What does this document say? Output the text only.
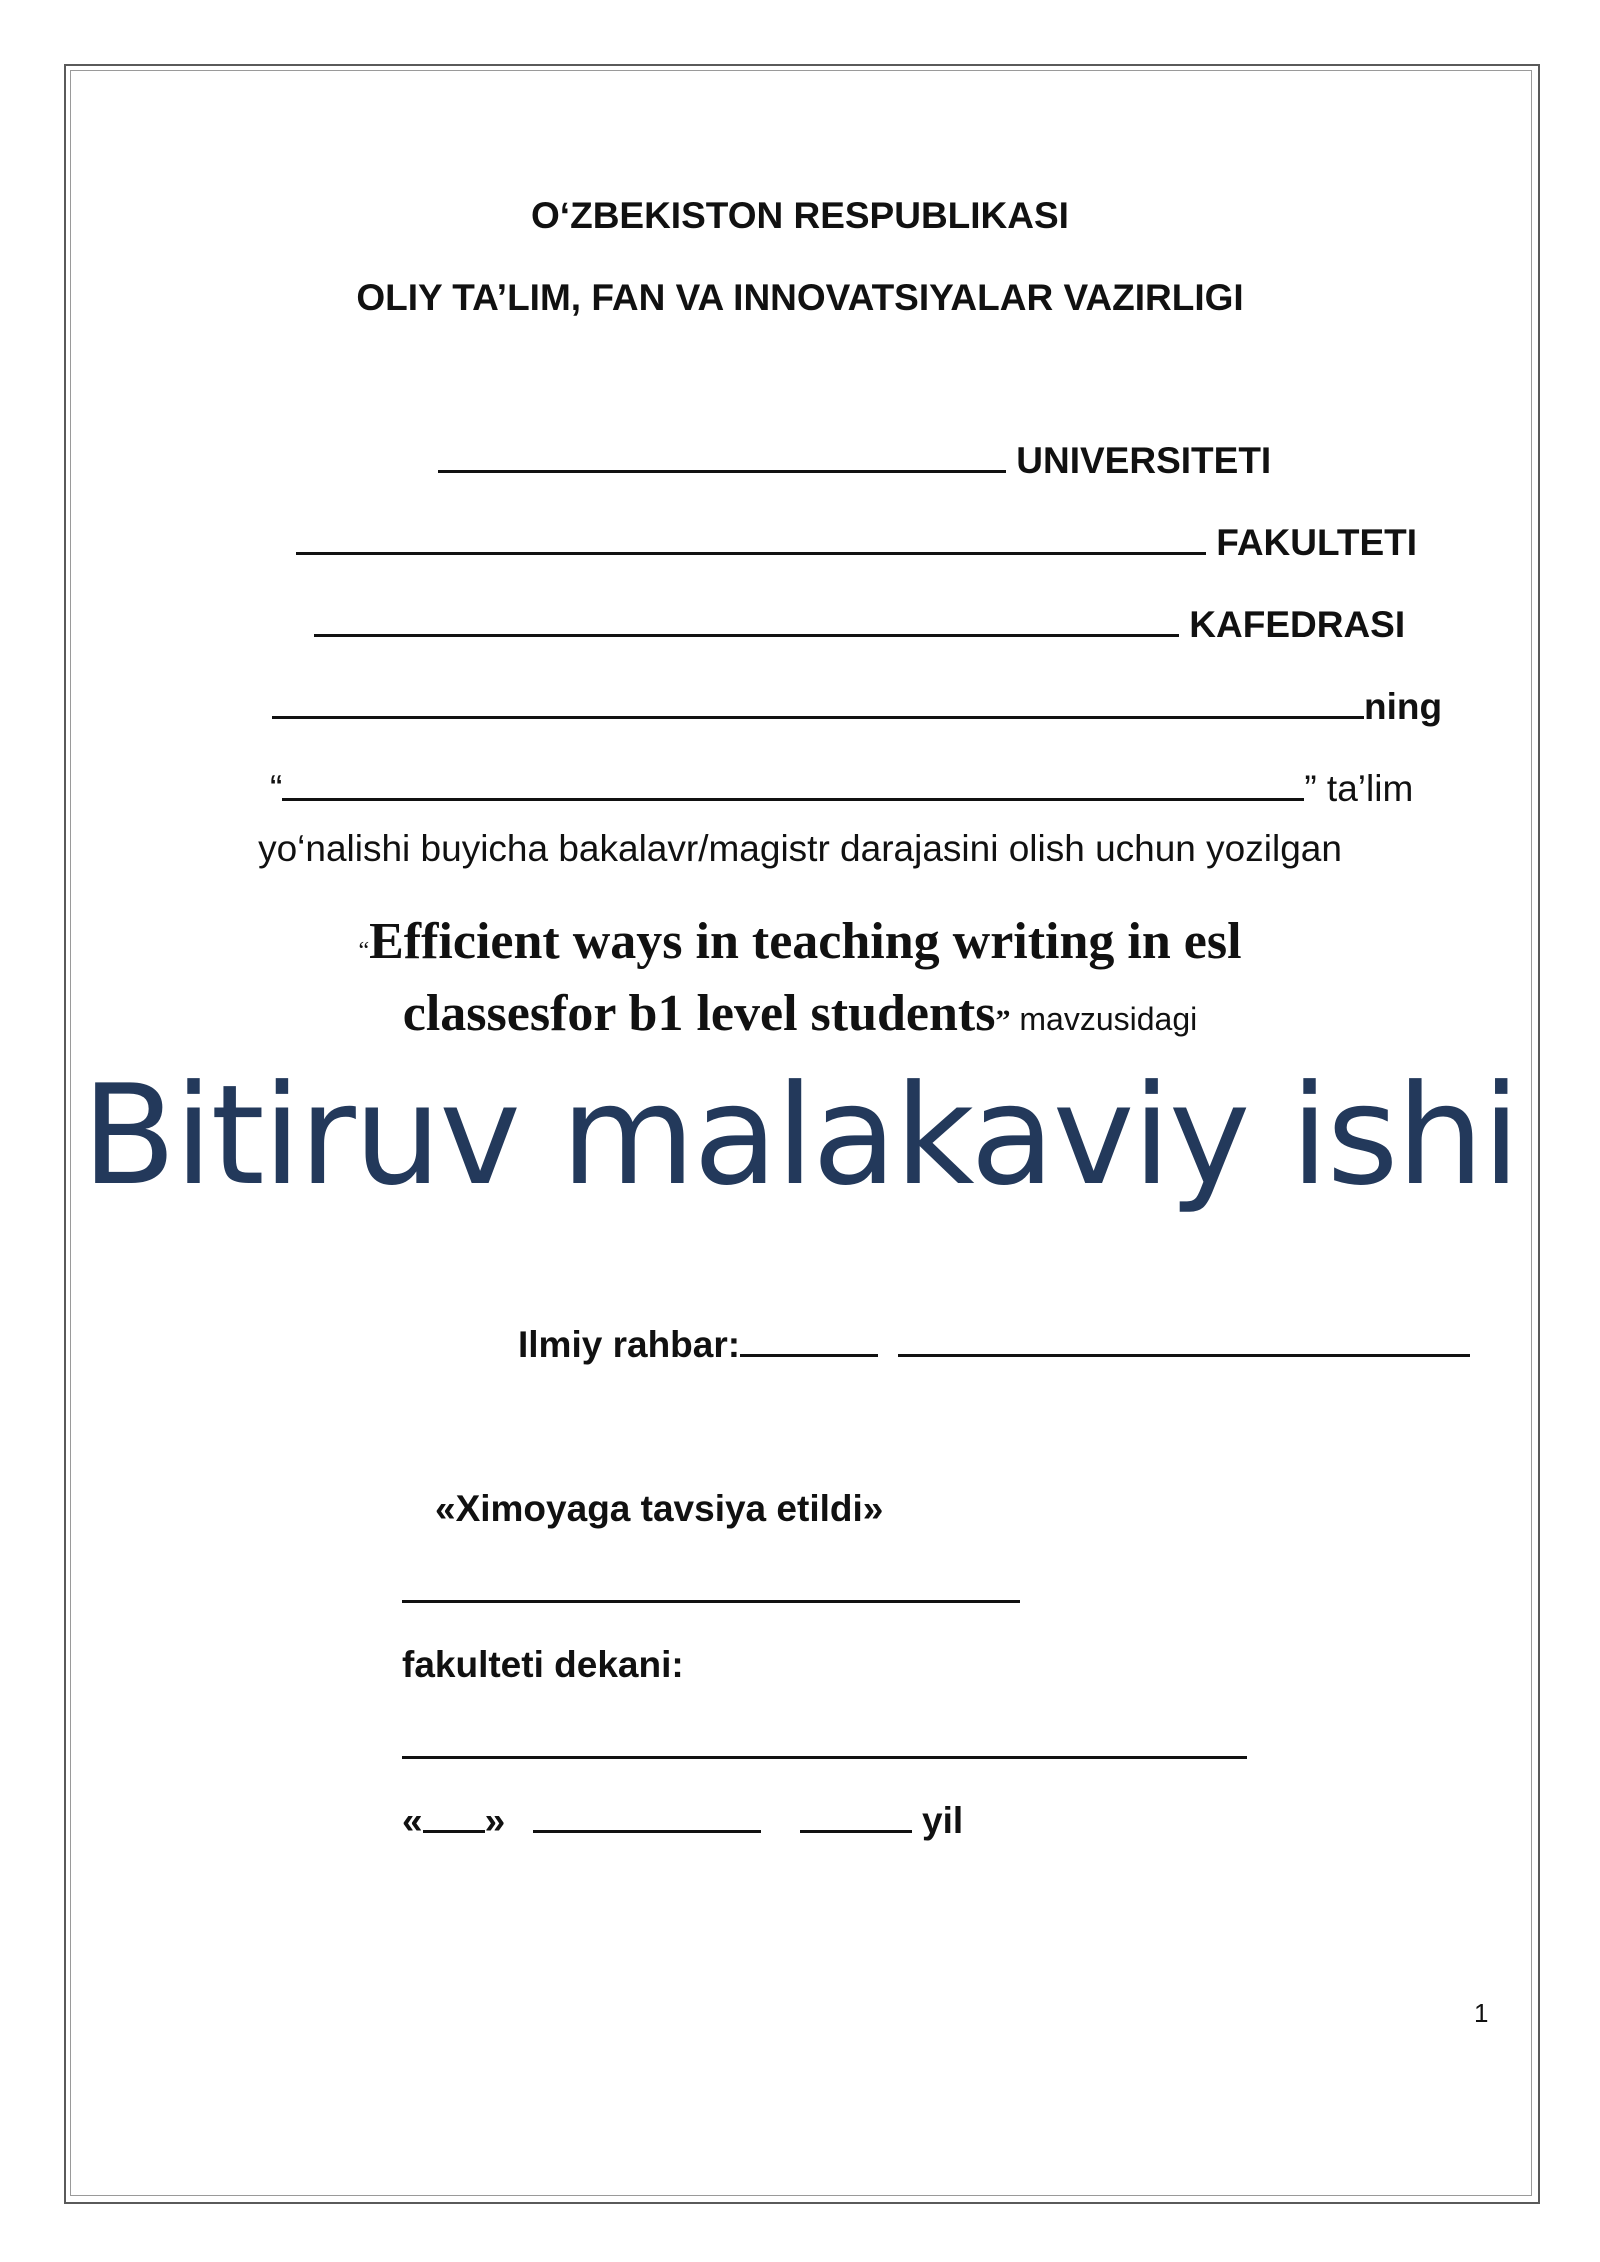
O‘ZBEKISTON RESPUBLIKASI
OLIY TA’LIM, FAN VA INNOVATSIYALAR VAZIRLIGI
UNIVERSITETI
FAKULTETI
KAFEDRASI
ning
“	” ta’lim
yo‘nalishi buyicha bakalavr/magistr darajasini olish uchun yozilgan
“Efficient ways in teaching writing in esl
classesfor b1 level students” mavzusidagi
Bitiruv malakaviy ishi
Ilmiy rahbar:
«Ximoyaga tavsiya etildi»
fakulteti dekani:
« »	yil
1
